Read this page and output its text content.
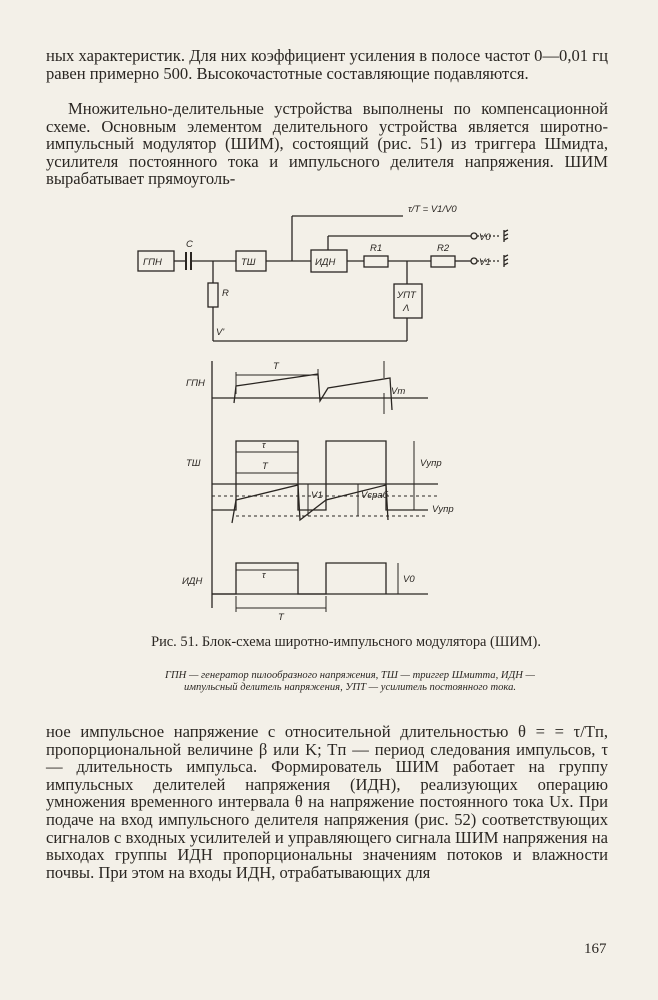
ных характеристик. Для них коэффициент усиления в полосе частот 0—0,01 гц равен примерно 500. Высокочастотные составляющие подавляются.

Множительно-делительные устройства выполнены по компенсационной схеме. Основным элементом делительного устройства является широтно-импульсный модулятор (ШИМ), состоящий (рис. 51) из триггера Шмидта, усилителя постоянного тока и импульсного делителя напряжения. ШИМ вырабатывает прямоуголь-

ГПН	ТШ	ИДН
УПТ
Λ
C
R
R1	R2
V'
V0
V1
τ/T = V1/V0
ГПН
ТШ
ИДН
T
Vm
τ
T	Vупр
V1	Vсраб
Vупр
τ
T
V0

Рис. 51. Блок-схема широтно-импульсного модулятора (ШИМ).

ГПН — генератор пилообразного напряжения, ТШ — триггер Шмитта, ИДН — импульсный делитель напряжения, УПТ — усилитель постоянного тока.

ное импульсное напряжение с относительной длительностью θ = = τ/Tп, пропорциональной величине β или K; Tп — период следования импульсов, τ — длительность импульса. Формирователь ШИМ работает на группу импульсных делителей напряжения (ИДН), реализующих операцию умножения временного интервала θ на напряжение постоянного тока Ux. При подаче на вход импульсного делителя напряжения (рис. 52) соответствующих сигналов с входных усилителей и управляющего сигнала ШИМ напряжения на выходах группы ИДН пропорциональны значениям потоков и влажности почвы. При этом на входы ИДН, отрабатывающих для

167
